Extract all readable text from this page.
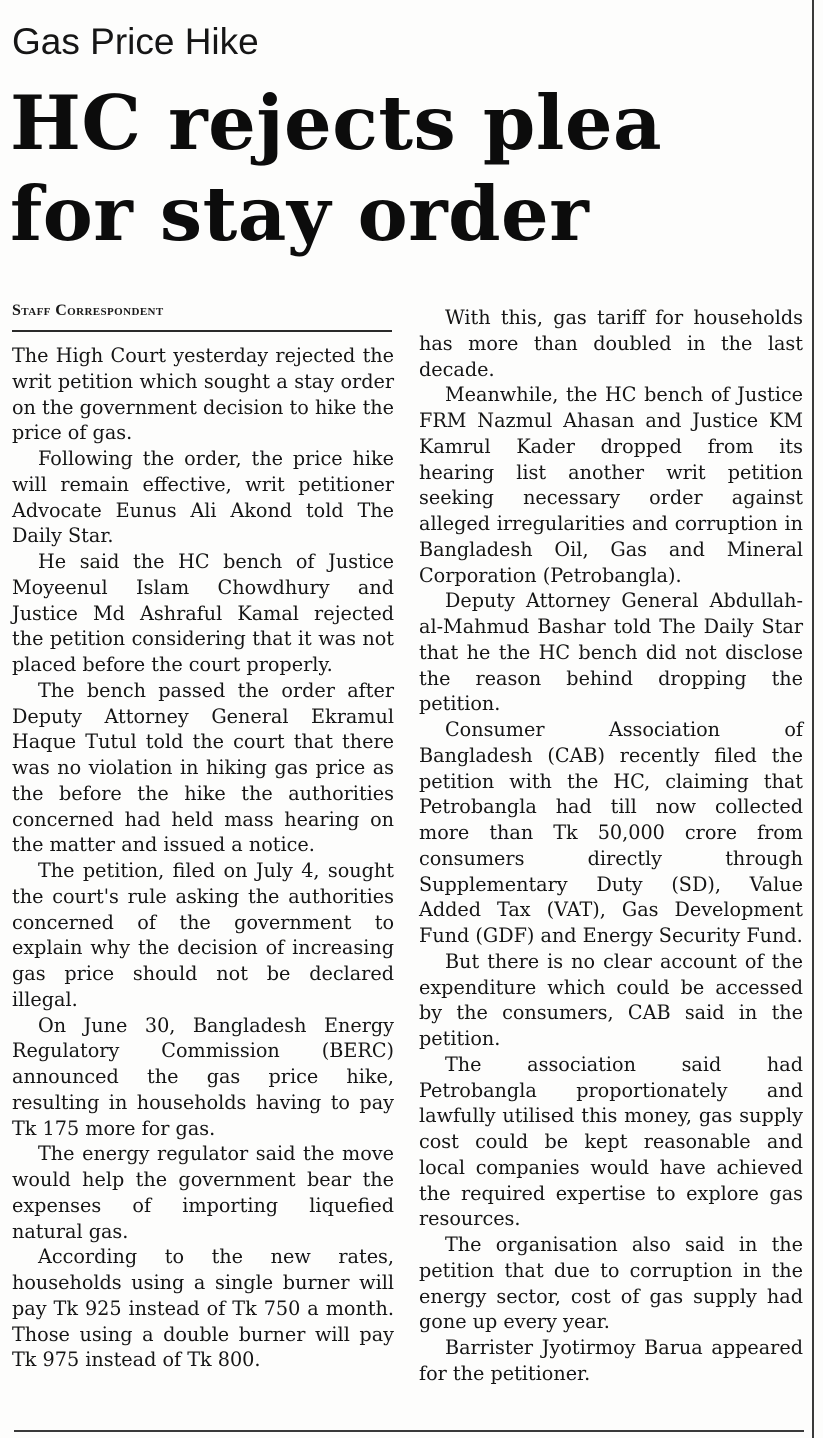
Gas Price Hike
HC rejects plea
for stay order
Staff Correspondent

The High Court yesterday rejected the writ petition which sought a stay order on the government decision to hike the price of gas.

Following the order, the price hike will remain effective, writ petitioner Advocate Eunus Ali Akond told The Daily Star.

He said the HC bench of Justice Moyeenul Islam Chowdhury and Justice Md Ashraful Kamal rejected the petition considering that it was not placed before the court properly.

The bench passed the order after Deputy Attorney General Ekramul Haque Tutul told the court that there was no violation in hiking gas price as the before the hike the authorities concerned had held mass hearing on the matter and issued a notice.

The petition, filed on July 4, sought the court's rule asking the authorities concerned of the government to explain why the decision of increasing gas price should not be declared illegal.

On June 30, Bangladesh Energy Regulatory Commission (BERC) announced the gas price hike, resulting in households having to pay Tk 175 more for gas.

The energy regulator said the move would help the government bear the expenses of importing liquefied natural gas.

According to the new rates, households using a single burner will pay Tk 925 instead of Tk 750 a month. Those using a double burner will pay Tk 975 instead of Tk 800.

With this, gas tariff for households has more than doubled in the last decade.

Meanwhile, the HC bench of Justice FRM Nazmul Ahasan and Justice KM Kamrul Kader dropped from its hearing list another writ petition seeking necessary order against alleged irregularities and corruption in Bangladesh Oil, Gas and Mineral Corporation (Petrobangla).

Deputy Attorney General Abdullah-al-Mahmud Bashar told The Daily Star that he the HC bench did not disclose the reason behind dropping the petition.

Consumer Association of Bangladesh (CAB) recently filed the petition with the HC, claiming that Petrobangla had till now collected more than Tk 50,000 crore from consumers directly through Supplementary Duty (SD), Value Added Tax (VAT), Gas Development Fund (GDF) and Energy Security Fund.

But there is no clear account of the expenditure which could be accessed by the consumers, CAB said in the petition.

The association said had Petrobangla proportionately and lawfully utilised this money, gas supply cost could be kept reasonable and local companies would have achieved the required expertise to explore gas resources.

The organisation also said in the petition that due to corruption in the energy sector, cost of gas supply had gone up every year.

Barrister Jyotirmoy Barua appeared for the petitioner.
